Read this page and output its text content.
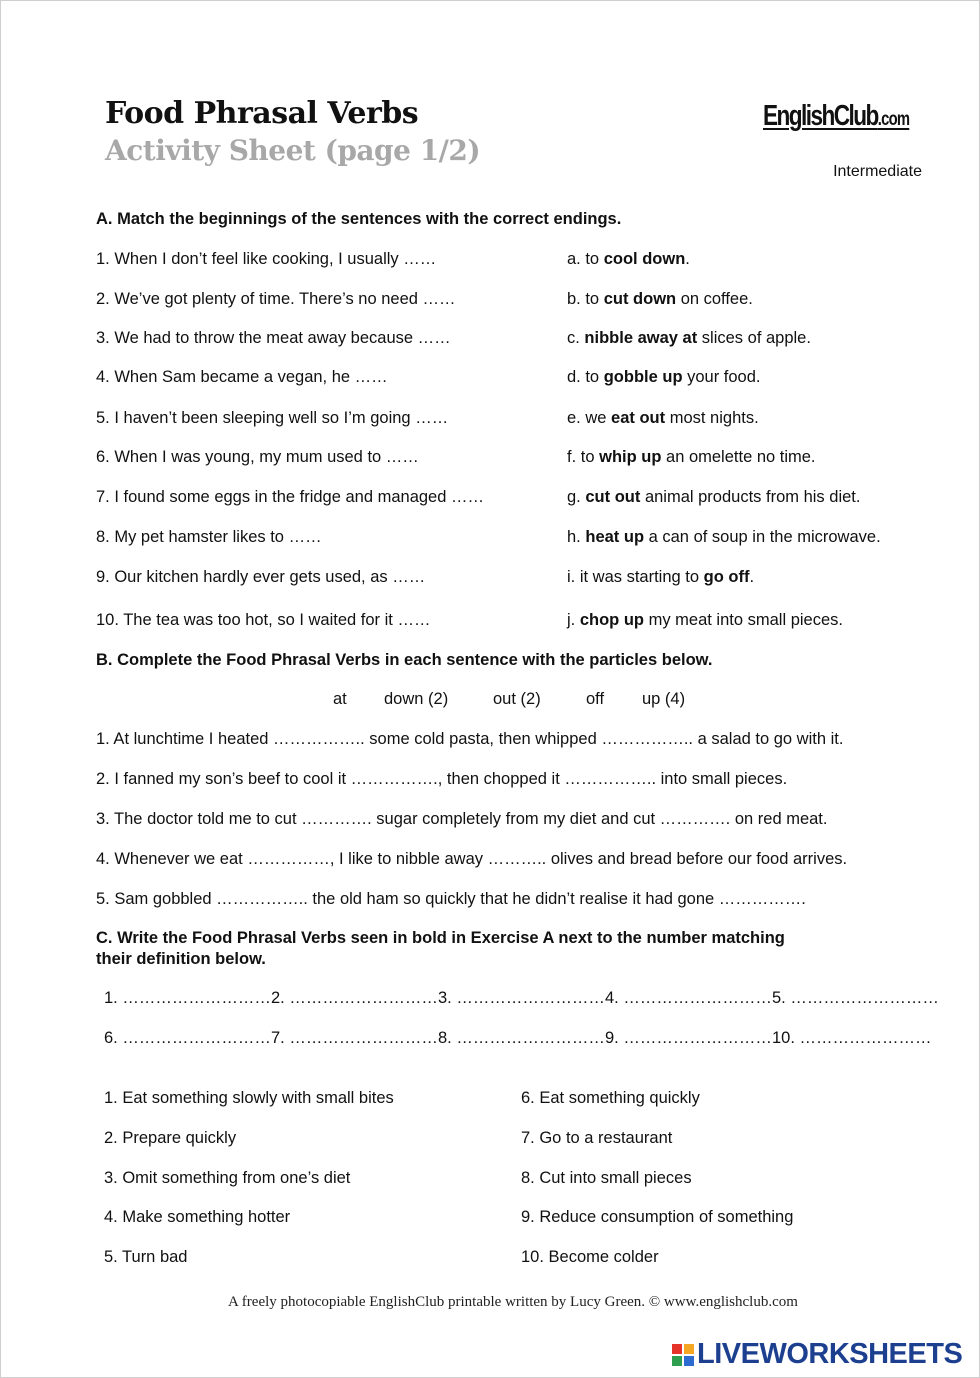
Food Phrasal Verbs
Activity Sheet (page 1/2)
EnglishClub.com
Intermediate
A. Match the beginnings of the sentences with the correct endings.
1. When I don’t feel like cooking, I usually ……
2. We’ve got plenty of time. There’s no need ……
3. We had to throw the meat away because ……
4. When Sam became a vegan, he ……
5. I haven’t been sleeping well so I’m going ……
6. When I was young, my mum used to ……
7. I found some eggs in the fridge and managed ……
8. My pet hamster likes to ……
9. Our kitchen hardly ever gets used, as ……
10. The tea was too hot, so I waited for it ……
a. to cool down.
b. to cut down on coffee.
c. nibble away at slices of apple.
d. to gobble up your food.
e. we eat out most nights.
f. to whip up an omelette no time.
g. cut out animal products from his diet.
h. heat up a can of soup in the microwave.
i. it was starting to go off.
j. chop up my meat into small pieces.
B. Complete the Food Phrasal Verbs in each sentence with the particles below.
at down (2)	out (2)	off up (4)
1. At lunchtime I heated …………….. some cold pasta, then whipped …………….. a salad to go with it.
2. I fanned my son’s beef to cool it ……………., then chopped it …………….. into small pieces.
3. The doctor told me to cut …………. sugar completely from my diet and cut …………. on red meat.
4. Whenever we eat ……………, I like to nibble away ……….. olives and bread before our food arrives.
5. Sam gobbled …………….. the old ham so quickly that he didn’t realise it had gone …………….
C. Write the Food Phrasal Verbs seen in bold in Exercise A next to the number matching
their definition below.
1. ……………………… 2. ……………………… 3. ……………………… 4. ……………………… 5. ………………………
6. ……………………… 7. ……………………… 8. ……………………… 9. ……………………… 10. ……………………
1. Eat something slowly with small bites
2. Prepare quickly
3. Omit something from one’s diet
4. Make something hotter
5. Turn bad
6. Eat something quickly
7. Go to a restaurant
8. Cut into small pieces
9. Reduce consumption of something
10. Become colder
A freely photocopiable EnglishClub printable written by Lucy Green. © www.englishclub.com
LIVEWORKSHEETS
